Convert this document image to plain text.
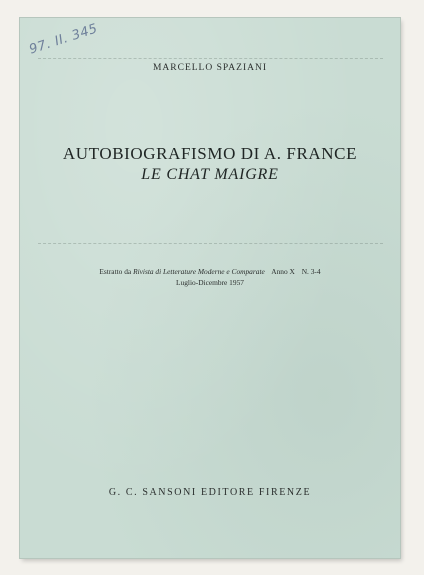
97. II. 345
MARCELLO SPAZIANI
AUTOBIOGRAFISMO DI A. FRANCE
LE CHAT MAIGRE
Estratto da Rivista di Letterature Moderne e Comparate Anno X N. 3-4
Luglio-Dicembre 1957
G. C. SANSONI EDITORE FIRENZE
